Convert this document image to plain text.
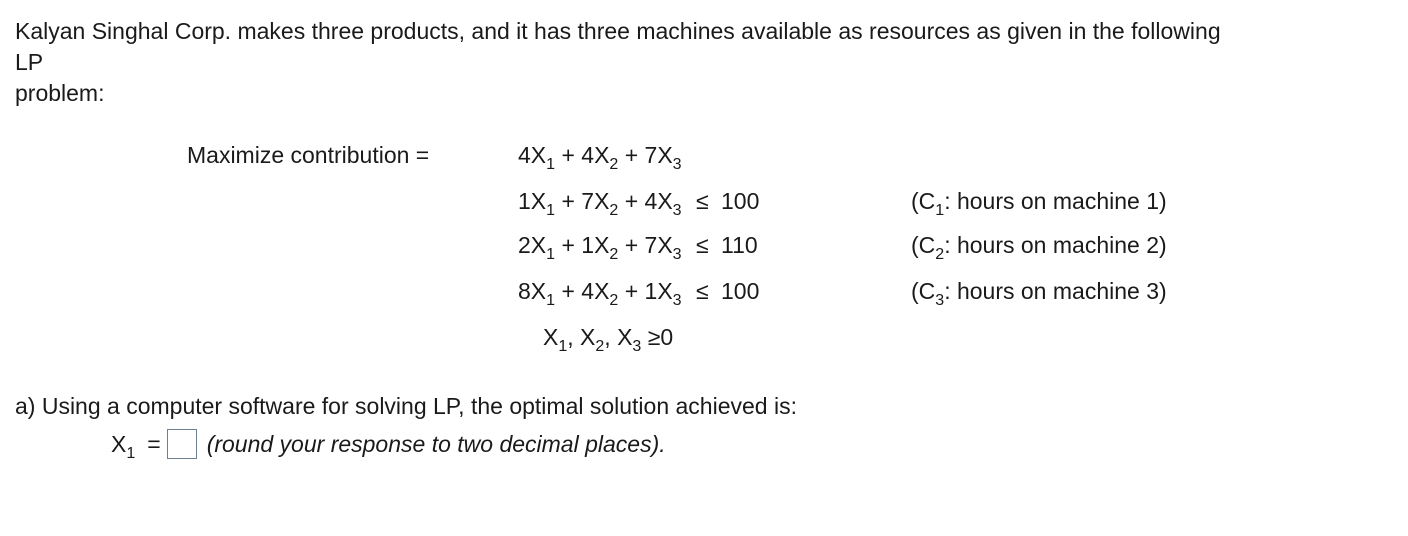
Kalyan Singhal Corp. makes three products, and it has three machines available as resources as given in the following
LP
problem:
Maximize contribution =	$4X_1 + 4X_2 + 7X_3$
$1X_1 + 7X_2 + 4X_3 \le 100$	($C_1$: hours on machine 1)
$2X_1 + 1X_2 + 7X_3 \le 110$	($C_2$: hours on machine 2)
$8X_1 + 4X_2 + 1X_3 \le 100$	($C_3$: hours on machine 3)
$X_1$, $X_2$, $X_3 \ge 0$
a) Using a computer software for solving LP, the optimal solution achieved is:
$X_1$ = (round your response to two decimal places).
